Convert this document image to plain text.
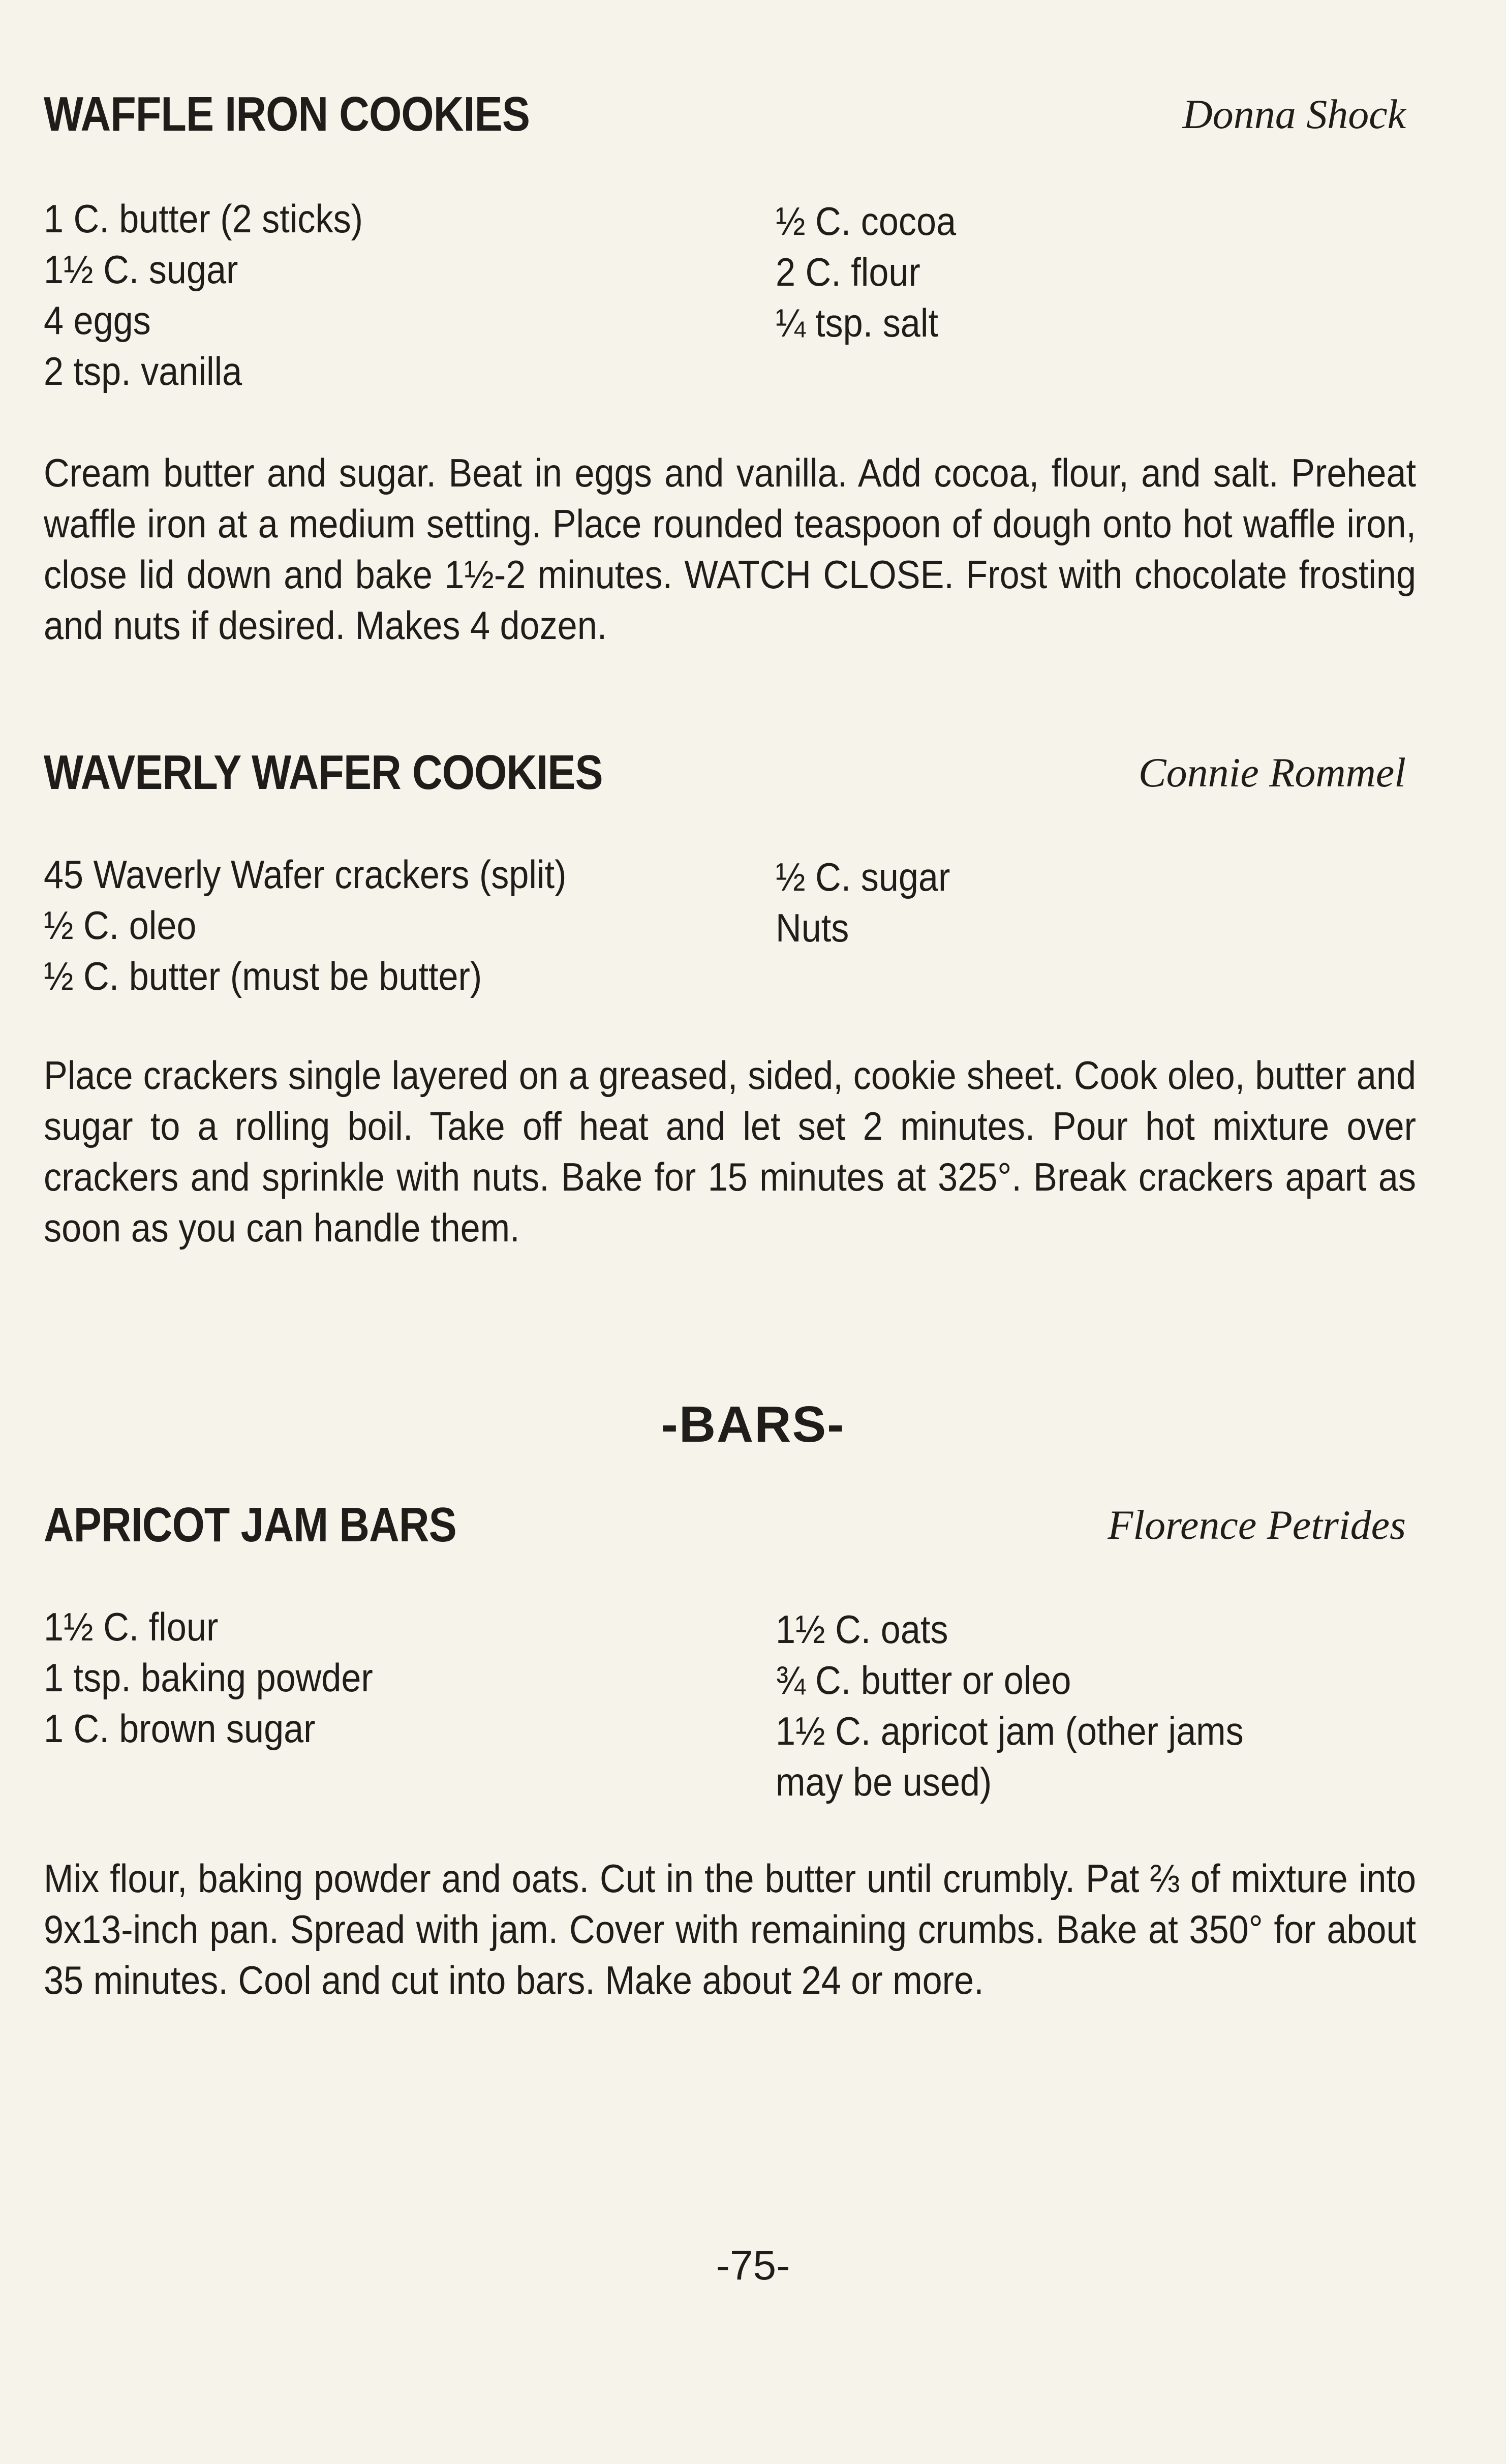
WAFFLE IRON COOKIES	Donna Shock
1 C. butter (2 sticks)
1½ C. sugar
4 eggs
2 tsp. vanilla
½ C. cocoa
2 C. flour
¼ tsp. salt

Cream butter and sugar. Beat in eggs and vanilla. Add cocoa, flour, and salt. Preheat waffle iron at a medium setting. Place rounded teaspoon of dough onto hot waffle iron, close lid down and bake 1½-2 minutes. WATCH CLOSE. Frost with chocolate frosting and nuts if desired. Makes 4 dozen.

WAVERLY WAFER COOKIES	Connie Rommel
45 Waverly Wafer crackers (split)
½ C. oleo
½ C. butter (must be butter)
½ C. sugar
Nuts

Place crackers single layered on a greased, sided, cookie sheet. Cook oleo, butter and sugar to a rolling boil. Take off heat and let set 2 minutes. Pour hot mixture over crackers and sprinkle with nuts. Bake for 15 minutes at 325°. Break crackers apart as soon as you can handle them.

-BARS-
APRICOT JAM BARS	Florence Petrides
1½ C. flour
1 tsp. baking powder
1 C. brown sugar
1½ C. oats
¾ C. butter or oleo
1½ C. apricot jam (other jams may be used)

Mix flour, baking powder and oats. Cut in the butter until crumbly. Pat ⅔ of mixture into 9x13-inch pan. Spread with jam. Cover with remaining crumbs. Bake at 350° for about 35 minutes. Cool and cut into bars. Make about 24 or more.

-75-
